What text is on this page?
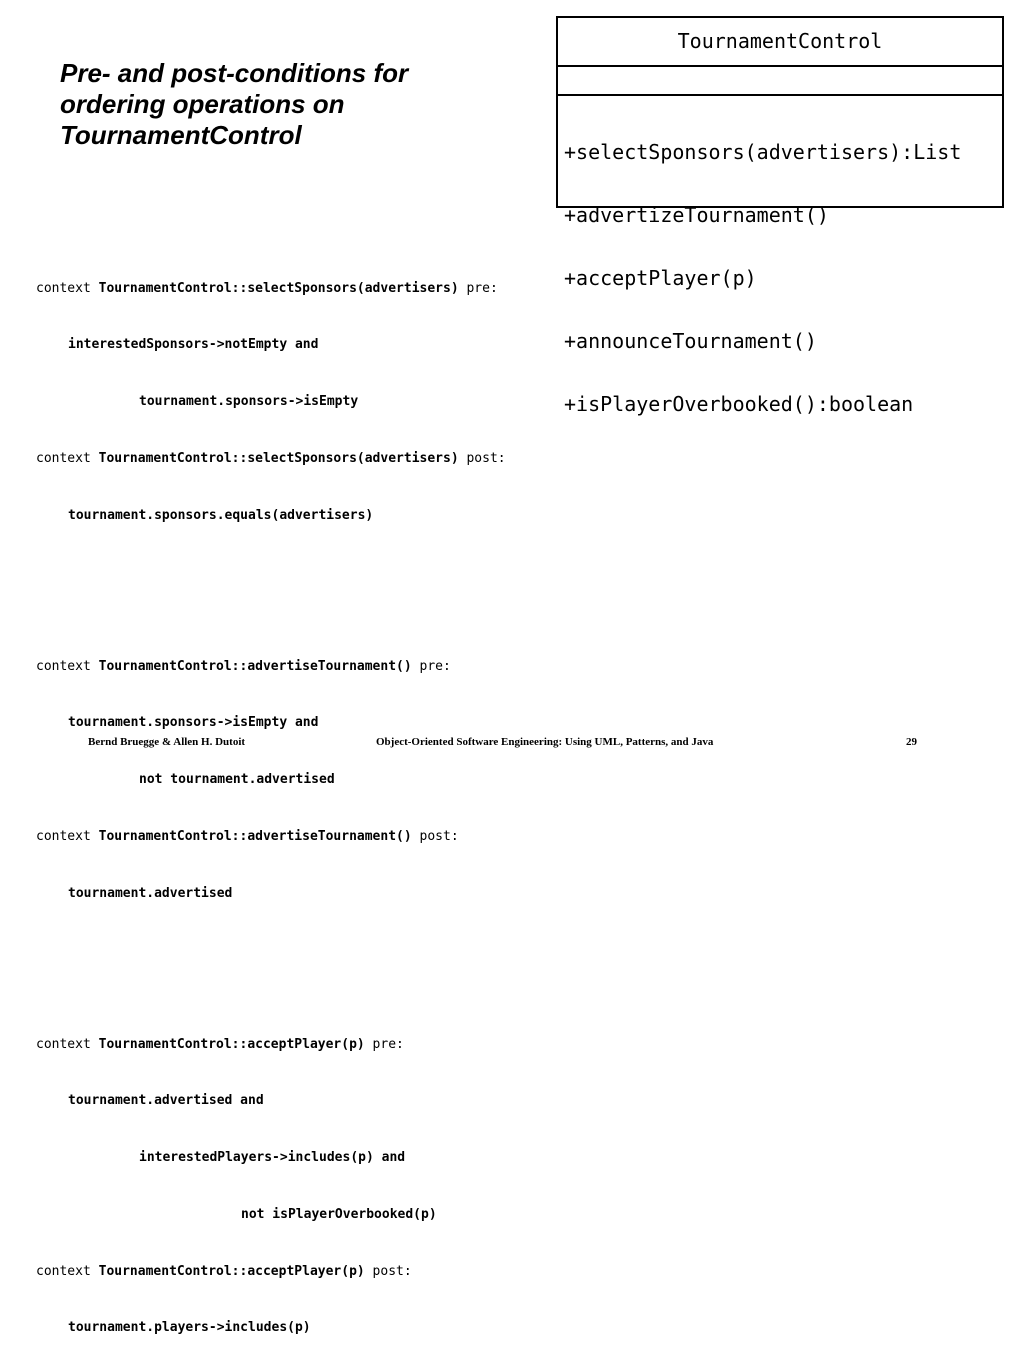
Pre- and post-conditions for
ordering operations on
TournamentControl
TournamentControl

+selectSponsors(advertisers):List

+advertizeTournament()

+acceptPlayer(p)

+announceTournament()

+isPlayerOverbooked():boolean

context TournamentControl::selectSponsors(advertisers) pre:

interestedSponsors->notEmpty and

tournament.sponsors->isEmpty

context TournamentControl::selectSponsors(advertisers) post:

tournament.sponsors.equals(advertisers)

context TournamentControl::advertiseTournament() pre:

tournament.sponsors->isEmpty and

not tournament.advertised

context TournamentControl::advertiseTournament() post:

tournament.advertised

context TournamentControl::acceptPlayer(p) pre:

tournament.advertised and

interestedPlayers->includes(p) and

not isPlayerOverbooked(p)

context TournamentControl::acceptPlayer(p) post:

tournament.players->includes(p)

Bernd Bruegge & Allen H. Dutoit	Object-Oriented Software Engineering: Using UML, Patterns, and Java	29
